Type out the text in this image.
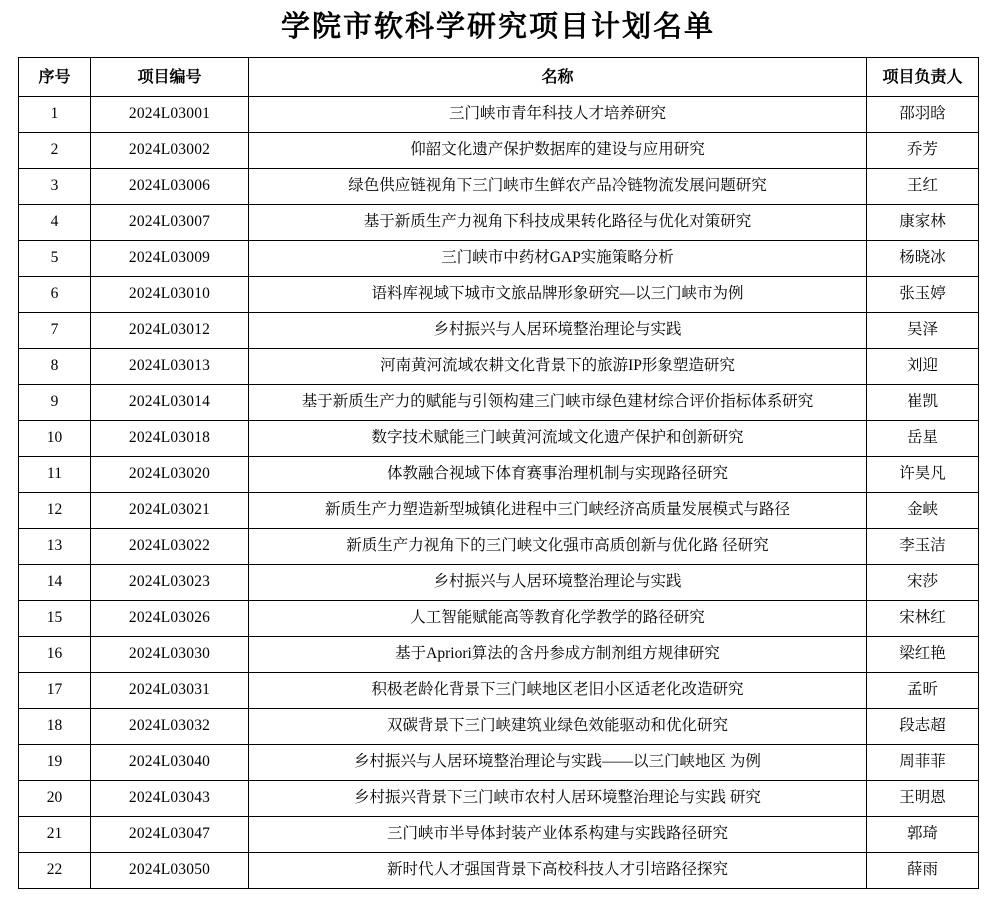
学院市软科学研究项目计划名单
序号	项目编号	名称	项目负责人
1	2024L03001	三门峡市青年科技人才培养研究	邵羽晗
2	2024L03002	仰韶文化遗产保护数据库的建设与应用研究	乔芳
3	2024L03006	绿色供应链视角下三门峡市生鲜农产品冷链物流发展问题研究	王红
4	2024L03007	基于新质生产力视角下科技成果转化路径与优化对策研究	康家林
5	2024L03009	三门峡市中药材GAP实施策略分析	杨晓冰
6	2024L03010	语料库视域下城市文旅品牌形象研究—以三门峡市为例	张玉婷
7	2024L03012	乡村振兴与人居环境整治理论与实践	吴泽
8	2024L03013	河南黄河流域农耕文化背景下的旅游IP形象塑造研究	刘迎
9	2024L03014	基于新质生产力的赋能与引领构建三门峡市绿色建材综合评价指标体系研究	崔凯
10	2024L03018	数字技术赋能三门峡黄河流域文化遗产保护和创新研究	岳星
11	2024L03020	体教融合视域下体育赛事治理机制与实现路径研究	许昊凡
12	2024L03021	新质生产力塑造新型城镇化进程中三门峡经济高质量发展模式与路径	金峡
13	2024L03022	新质生产力视角下的三门峡文化强市高质创新与优化路 径研究	李玉洁
14	2024L03023	乡村振兴与人居环境整治理论与实践	宋莎
15	2024L03026	人工智能赋能高等教育化学教学的路径研究	宋林红
16	2024L03030	基于Apriori算法的含丹参成方制剂组方规律研究	梁红艳
17	2024L03031	积极老龄化背景下三门峡地区老旧小区适老化改造研究	孟昕
18	2024L03032	双碳背景下三门峡建筑业绿色效能驱动和优化研究	段志超
19	2024L03040	乡村振兴与人居环境整治理论与实践——以三门峡地区 为例	周菲菲
20	2024L03043	乡村振兴背景下三门峡市农村人居环境整治理论与实践 研究	王明恩
21	2024L03047	三门峡市半导体封装产业体系构建与实践路径研究	郭琦
22	2024L03050	新时代人才强国背景下高校科技人才引培路径探究	薛雨
